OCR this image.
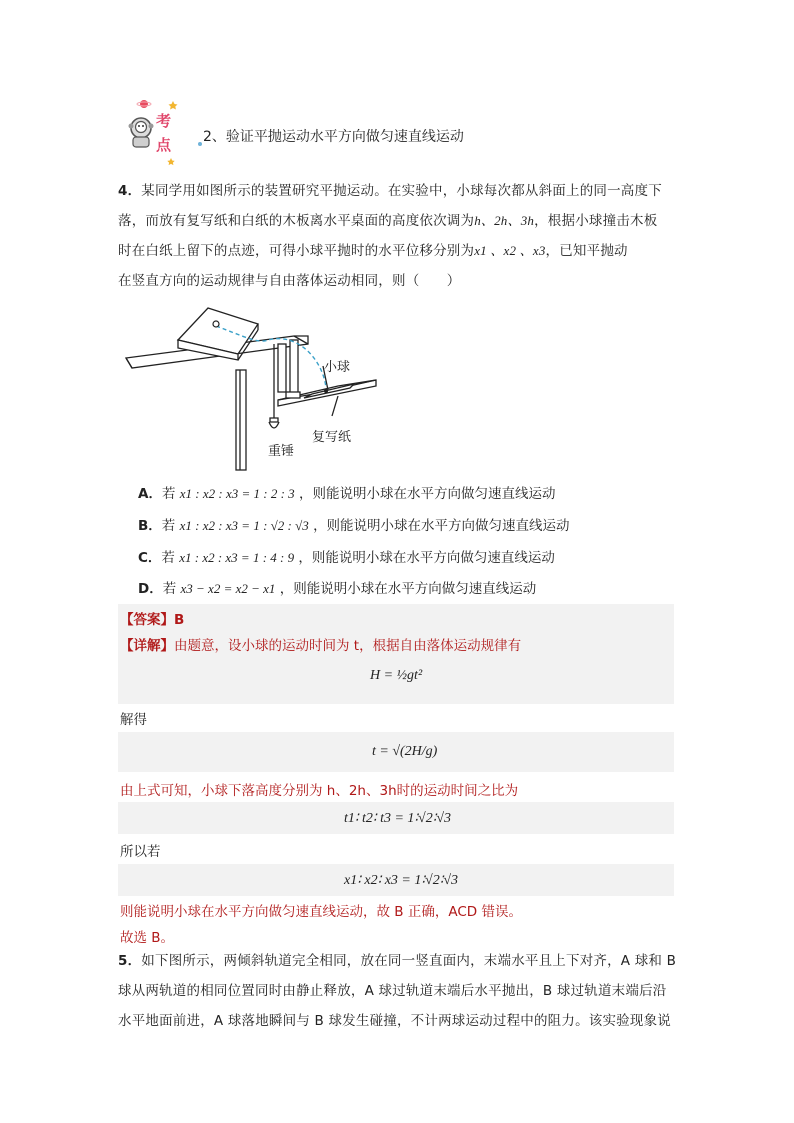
考
点 2、验证平抛运动水平方向做匀速直线运动
4．某同学用如图所示的装置研究平抛运动。在实验中，小球每次都从斜面上的同一高度下
落，而放有复写纸和白纸的木板离水平桌面的高度依次调为h、2h、3h，根据小球撞击木板
时在白纸上留下的点迹，可得小球平抛时的水平位移分别为x1 、x2 、x3，已知平抛动
在竖直方向的运动规律与自由落体运动相同，则（　　）
小球
复写纸
重锤
A．若 x1 : x2 : x3 = 1 : 2 : 3 ，则能说明小球在水平方向做匀速直线运动
B．若 x1 : x2 : x3 = 1 : √2 : √3 ，则能说明小球在水平方向做匀速直线运动
C．若 x1 : x2 : x3 = 1 : 4 : 9 ，则能说明小球在水平方向做匀速直线运动
D．若 x3 − x2 = x2 − x1 ，则能说明小球在水平方向做匀速直线运动
【答案】B
【详解】由题意，设小球的运动时间为 t，根据自由落体运动规律有
H = ½gt²
解得
t = √(2H/g)
由上式可知，小球下落高度分别为 h、2h、3h时的运动时间之比为
t1∶ t2∶ t3 = 1∶√2∶√3
所以若
x1∶ x2∶ x3 = 1∶√2∶√3
则能说明小球在水平方向做匀速直线运动，故 B 正确，ACD 错误。
故选 B。
5．如下图所示，两倾斜轨道完全相同，放在同一竖直面内，末端水平且上下对齐，A 球和 B
球从两轨道的相同位置同时由静止释放，A 球过轨道末端后水平抛出，B 球过轨道末端后沿
水平地面前进，A 球落地瞬间与 B 球发生碰撞，不计两球运动过程中的阻力。该实验现象说
